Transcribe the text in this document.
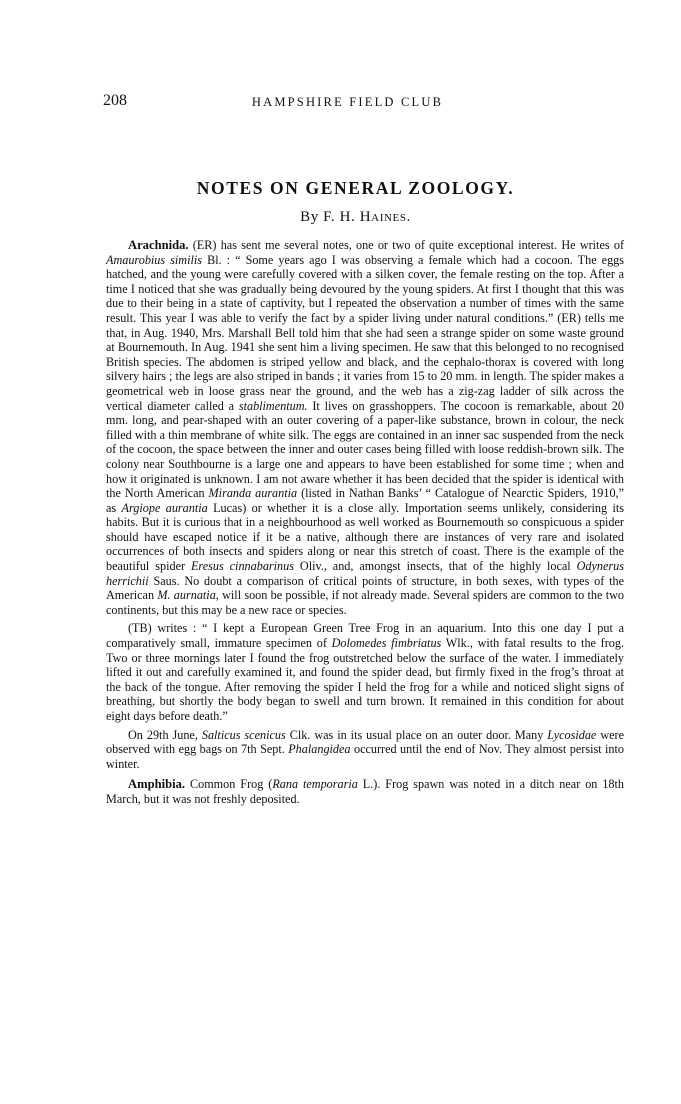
208	HAMPSHIRE FIELD CLUB
NOTES ON GENERAL ZOOLOGY.
By F. H. Haines.

Arachnida. (ER) has sent me several notes, one or two of quite exceptional interest. He writes of Amaurobius similis Bl. : “ Some years ago I was observing a female which had a cocoon. The eggs hatched, and the young were carefully covered with a silken cover, the female resting on the top. After a time I noticed that she was gradually being devoured by the young spiders. At first I thought that this was due to their being in a state of captivity, but I repeated the observation a number of times with the same result. This year I was able to verify the fact by a spider living under natural conditions.” (ER) tells me that, in Aug. 1940, Mrs. Marshall Bell told him that she had seen a strange spider on some waste ground at Bournemouth. In Aug. 1941 she sent him a living specimen. He saw that this belonged to no recognised British species. The abdomen is striped yellow and black, and the cephalo-thorax is covered with long silvery hairs ; the legs are also striped in bands ; it varies from 15 to 20 mm. in length. The spider makes a geometrical web in loose grass near the ground, and the web has a zig-zag ladder of silk across the vertical diameter called a stablimentum. It lives on grasshoppers. The cocoon is remarkable, about 20 mm. long, and pear-shaped with an outer covering of a paper-like substance, brown in colour, the neck filled with a thin membrane of white silk. The eggs are contained in an inner sac suspended from the neck of the cocoon, the space between the inner and outer cases being filled with loose reddish-brown silk. The colony near Southbourne is a large one and appears to have been established for some time ; when and how it originated is unknown. I am not aware whether it has been decided that the spider is identical with the North American Miranda aurantia (listed in Nathan Banks’ “ Catalogue of Nearctic Spiders, 1910,” as Argiope aurantia Lucas) or whether it is a close ally. Importation seems unlikely, considering its habits. But it is curious that in a neighbourhood as well worked as Bournemouth so conspicuous a spider should have escaped notice if it be a native, although there are instances of very rare and isolated occurrences of both insects and spiders along or near this stretch of coast. There is the example of the beautiful spider Eresus cinnabarinus Oliv., and, amongst insects, that of the highly local Odynerus herrichii Saus. No doubt a comparison of critical points of structure, in both sexes, with types of the American M. aurnatia, will soon be possible, if not already made. Several spiders are common to the two continents, but this may be a new race or species.

(TB) writes : “ I kept a European Green Tree Frog in an aquarium. Into this one day I put a comparatively small, immature specimen of Dolomedes fimbriatus Wlk., with fatal results to the frog. Two or three mornings later I found the frog outstretched below the surface of the water. I immediately lifted it out and carefully examined it, and found the spider dead, but firmly fixed in the frog’s throat at the back of the tongue. After removing the spider I held the frog for a while and noticed slight signs of breathing, but shortly the body began to swell and turn brown. It remained in this condition for about eight days before death.”

On 29th June, Salticus scenicus Clk. was in its usual place on an outer door. Many Lycosidae were observed with egg bags on 7th Sept. Phalangidea occurred until the end of Nov. They almost persist into winter.

Amphibia. Common Frog (Rana temporaria L.). Frog spawn was noted in a ditch near on 18th March, but it was not freshly deposited.
